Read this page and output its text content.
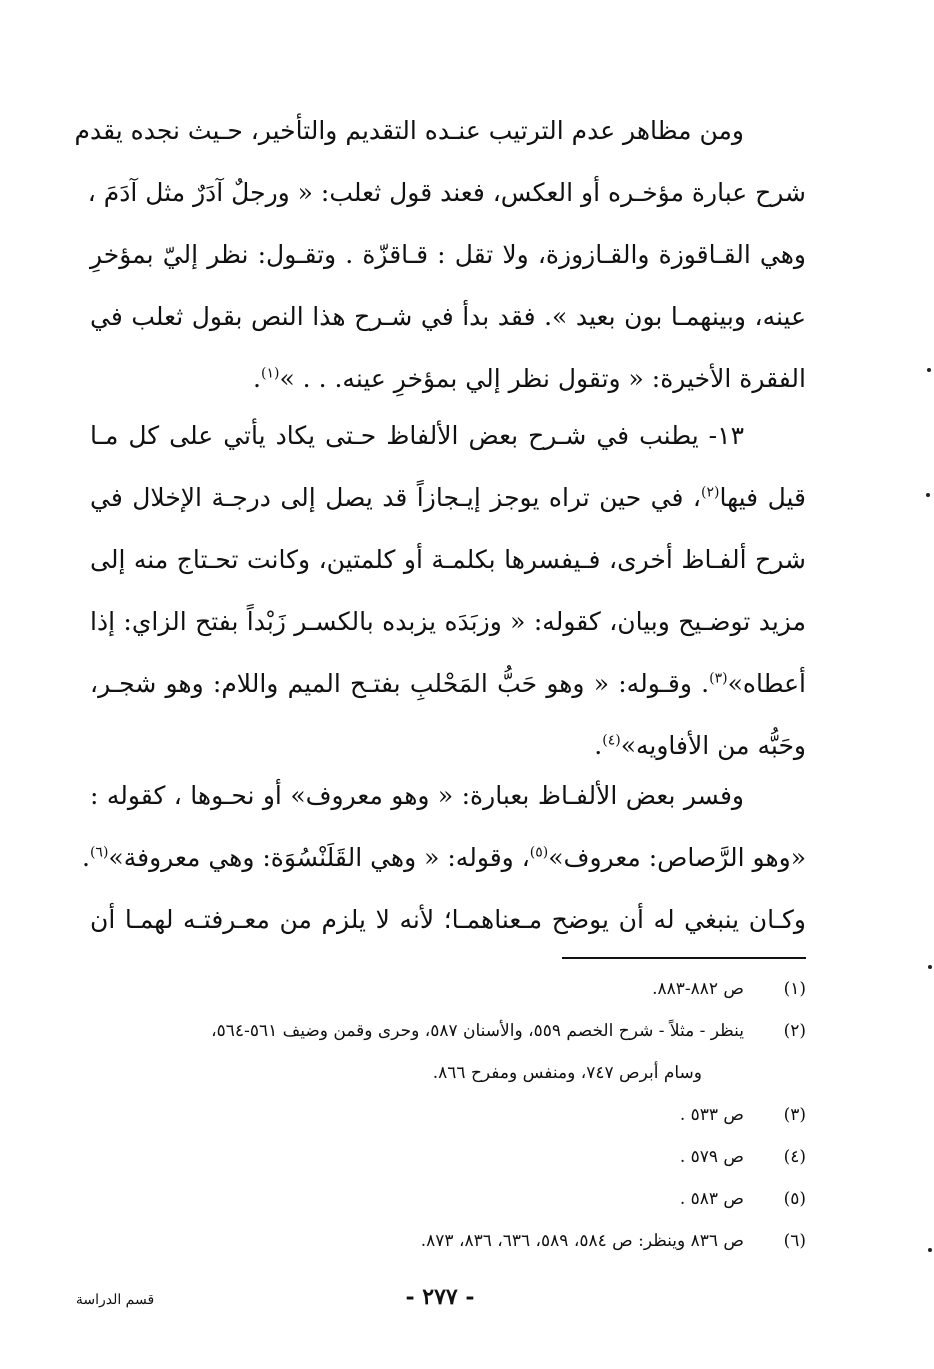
ومن مظاهر عدم الترتيب عنـده التقديم والتأخير، حـيث نجده يقدم
شرح عبارة مؤخـره أو العكس، فعند قول ثعلب: « ورجلٌ آدَرٌ مثل آدَمَ ،
وهي القـاقوزة والقـازوزة، ولا تقل : قـاقزّة . وتقـول: نظر إليّ بمؤخرِ
عينه، وبينهمـا بون بعيد ». فقد بدأ في شـرح هذا النص بقول ثعلب في
الفقرة الأخيرة: « وتقول نظر إلي بمؤخرِ عينه. . . »$^{(١)}$.
١٣- يطنب في شـرح بعض الألفاظ حـتى يكاد يأتي على كل مـا
قيل فيها$^{(٢)}$، في حين تراه يوجز إيـجازاً قد يصل إلى درجـة الإخلال في
شرح ألفـاظ أخرى، فـيفسرها بكلمـة أو كلمتين، وكانت تحـتاج منه إلى
مزيد توضـيح وبيان، كقوله: « وزبَدَه يزبده بالكسـر زَبْداً بفتح الزاي: إذا
أعطاه»$^{(٣)}$. وقـوله: « وهو حَبُّ المَحْلبِ بفتـح الميم واللام: وهو شجـر،
وحَبُّه من الأفاويه»$^{(٤)}$.
وفسر بعض الألفـاظ بعبارة: « وهو معروف» أو نحـوها ، كقوله :
«وهو الرَّصاص: معروف»$^{(٥)}$، وقوله: « وهي القَلَنْسُوَة: وهي معروفة»$^{(٦)}$.
وكـان ينبغي له أن يوضح مـعناهمـا؛ لأنه لا يلزم من معـرفتـه لهمـا أن
(١)
ص ٨٨٢-٨٨٣.
(٢)
ينظر - مثلاً - شرح الخصم ٥٥٩، والأسنان ٥٨٧، وحرى وقمن وضيف ٥٦١-٥٦٤،
وسام أبرص ٧٤٧، ومنفس ومفرح ٨٦٦.
(٣)
ص ٥٣٣ .
(٤)
ص ٥٧٩ .
(٥)
ص ٥٨٣ .
(٦)
ص ٨٣٦ وينظر: ص ٥٨٤، ٥٨٩، ٦٣٦، ٨٣٦، ٨٧٣.
- ٢٧٧ -
قسم الدراسة
